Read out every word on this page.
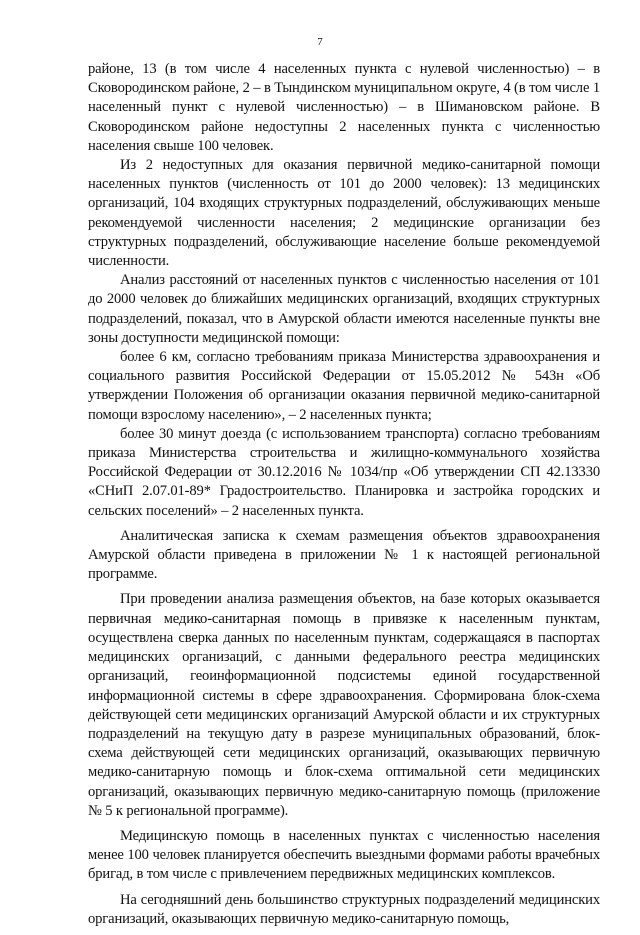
7

районе, 13 (в том числе 4 населенных пункта с нулевой численностью) – в Сковородинском районе, 2 – в Тындинском муниципальном округе, 4 (в том числе 1 населенный пункт с нулевой численностью) – в Шимановском районе. В Сковородинском районе недоступны 2 населенных пункта с численностью населения свыше 100 человек.

Из 2 недоступных для оказания первичной медико-санитарной помощи населенных пунктов (численность от 101 до 2000 человек): 13 медицинских организаций, 104 входящих структурных подразделений, обслуживающих меньше рекомендуемой численности населения; 2 медицинские организации без структурных подразделений, обслуживающие население больше рекомендуемой численности.

Анализ расстояний от населенных пунктов с численностью населения от 101 до 2000 человек до ближайших медицинских организаций, входящих структурных подразделений, показал, что в Амурской области имеются населенные пункты вне зоны доступности медицинской помощи:

более 6 км, согласно требованиям приказа Министерства здравоохранения и социального развития Российской Федерации от 15.05.2012 № 543н «Об утверждении Положения об организации оказания первичной медико-санитарной помощи взрослому населению», – 2 населенных пункта;

более 30 минут доезда (с использованием транспорта) согласно требованиям приказа Министерства строительства и жилищно-коммунального хозяйства Российской Федерации от 30.12.2016 № 1034/пр «Об утверждении СП 42.13330 «СНиП 2.07.01-89* Градостроительство. Планировка и застройка городских и сельских поселений» – 2 населенных пункта.

Аналитическая записка к схемам размещения объектов здравоохранения Амурской области приведена в приложении № 1 к настоящей региональной программе.

При проведении анализа размещения объектов, на базе которых оказывается первичная медико-санитарная помощь в привязке к населенным пунктам, осуществлена сверка данных по населенным пунктам, содержащаяся в паспортах медицинских организаций, с данными федерального реестра медицинских организаций, геоинформационной подсистемы единой государственной информационной системы в сфере здравоохранения. Сформирована блок-схема действующей сети медицинских организаций Амурской области и их структурных подразделений на текущую дату в разрезе муниципальных образований, блок-схема действующей сети медицинских организаций, оказывающих первичную медико-санитарную помощь и блок-схема оптимальной сети медицинских организаций, оказывающих первичную медико-санитарную помощь (приложение № 5 к региональной программе).

Медицинскую помощь в населенных пунктах с численностью населения менее 100 человек планируется обеспечить выездными формами работы врачебных бригад, в том числе с привлечением передвижных медицинских комплексов.

На сегодняшний день большинство структурных подразделений медицинских организаций, оказывающих первичную медико-санитарную помощь,
